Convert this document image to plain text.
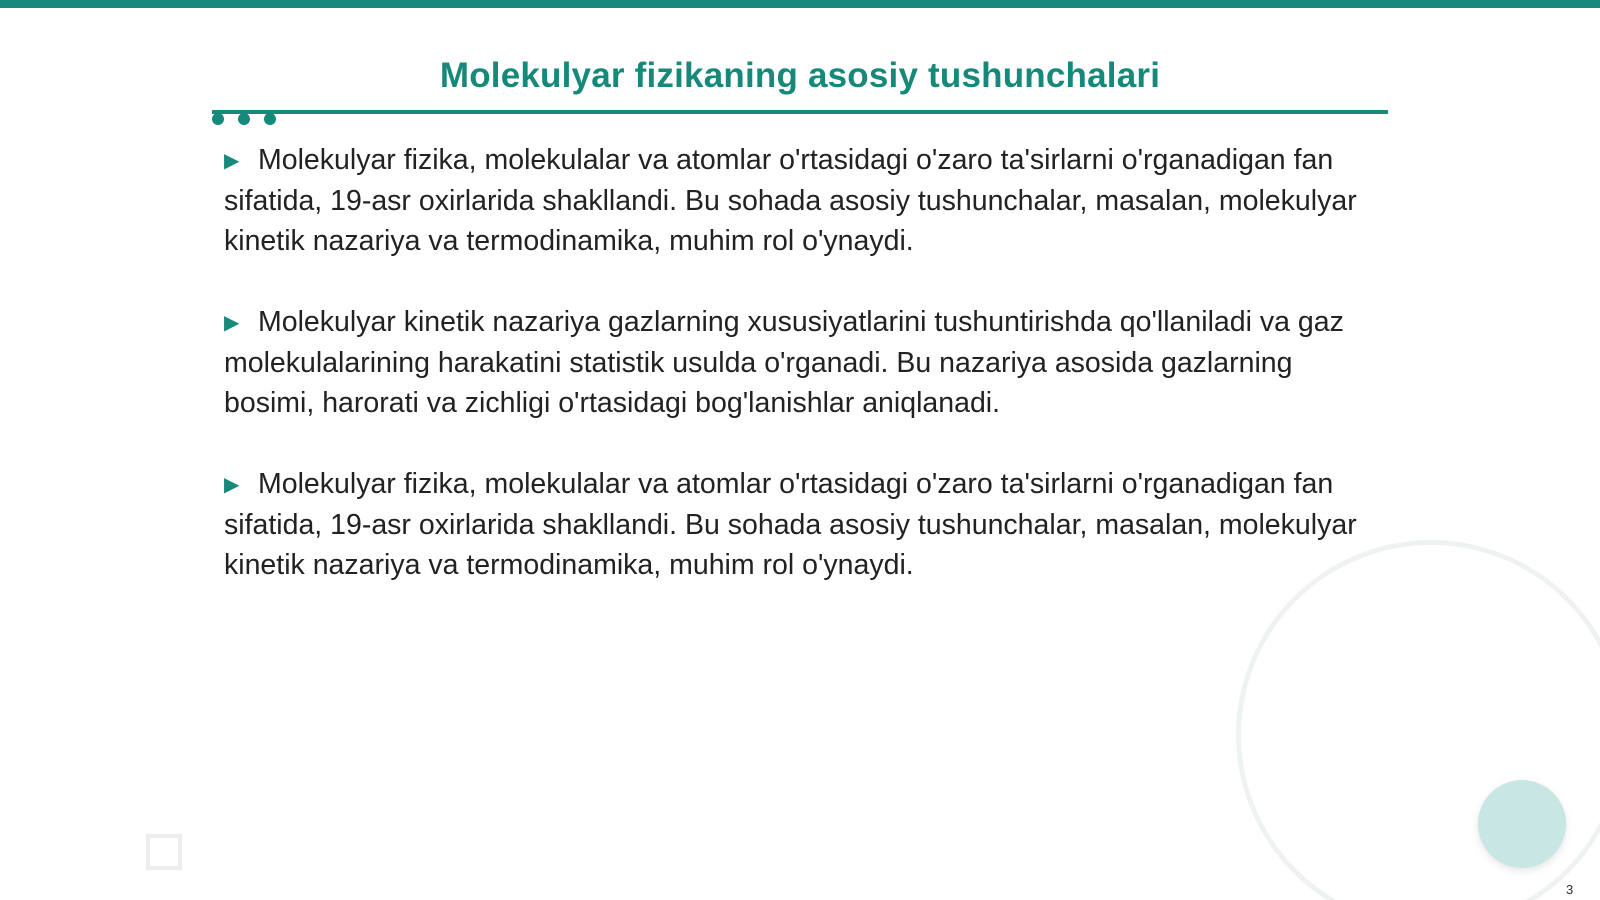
Molekulyar fizikaning asosiy tushunchalari

▶ Molekulyar fizika, molekulalar va atomlar o'rtasidagi o'zaro ta'sirlarni o'rganadigan fan sifatida, 19-asr oxirlarida shakllandi. Bu sohada asosiy tushunchalar, masalan, molekulyar kinetik nazariya va termodinamika, muhim rol o'ynaydi.

▶ Molekulyar kinetik nazariya gazlarning xususiyatlarini tushuntirishda qo'llaniladi va gaz molekulalarining harakatini statistik usulda o'rganadi. Bu nazariya asosida gazlarning bosimi, harorati va zichligi o'rtasidagi bog'lanishlar aniqlanadi.

▶ Molekulyar fizika, molekulalar va atomlar o'rtasidagi o'zaro ta'sirlarni o'rganadigan fan sifatida, 19-asr oxirlarida shakllandi. Bu sohada asosiy tushunchalar, masalan, molekulyar kinetik nazariya va termodinamika, muhim rol o'ynaydi.

3
